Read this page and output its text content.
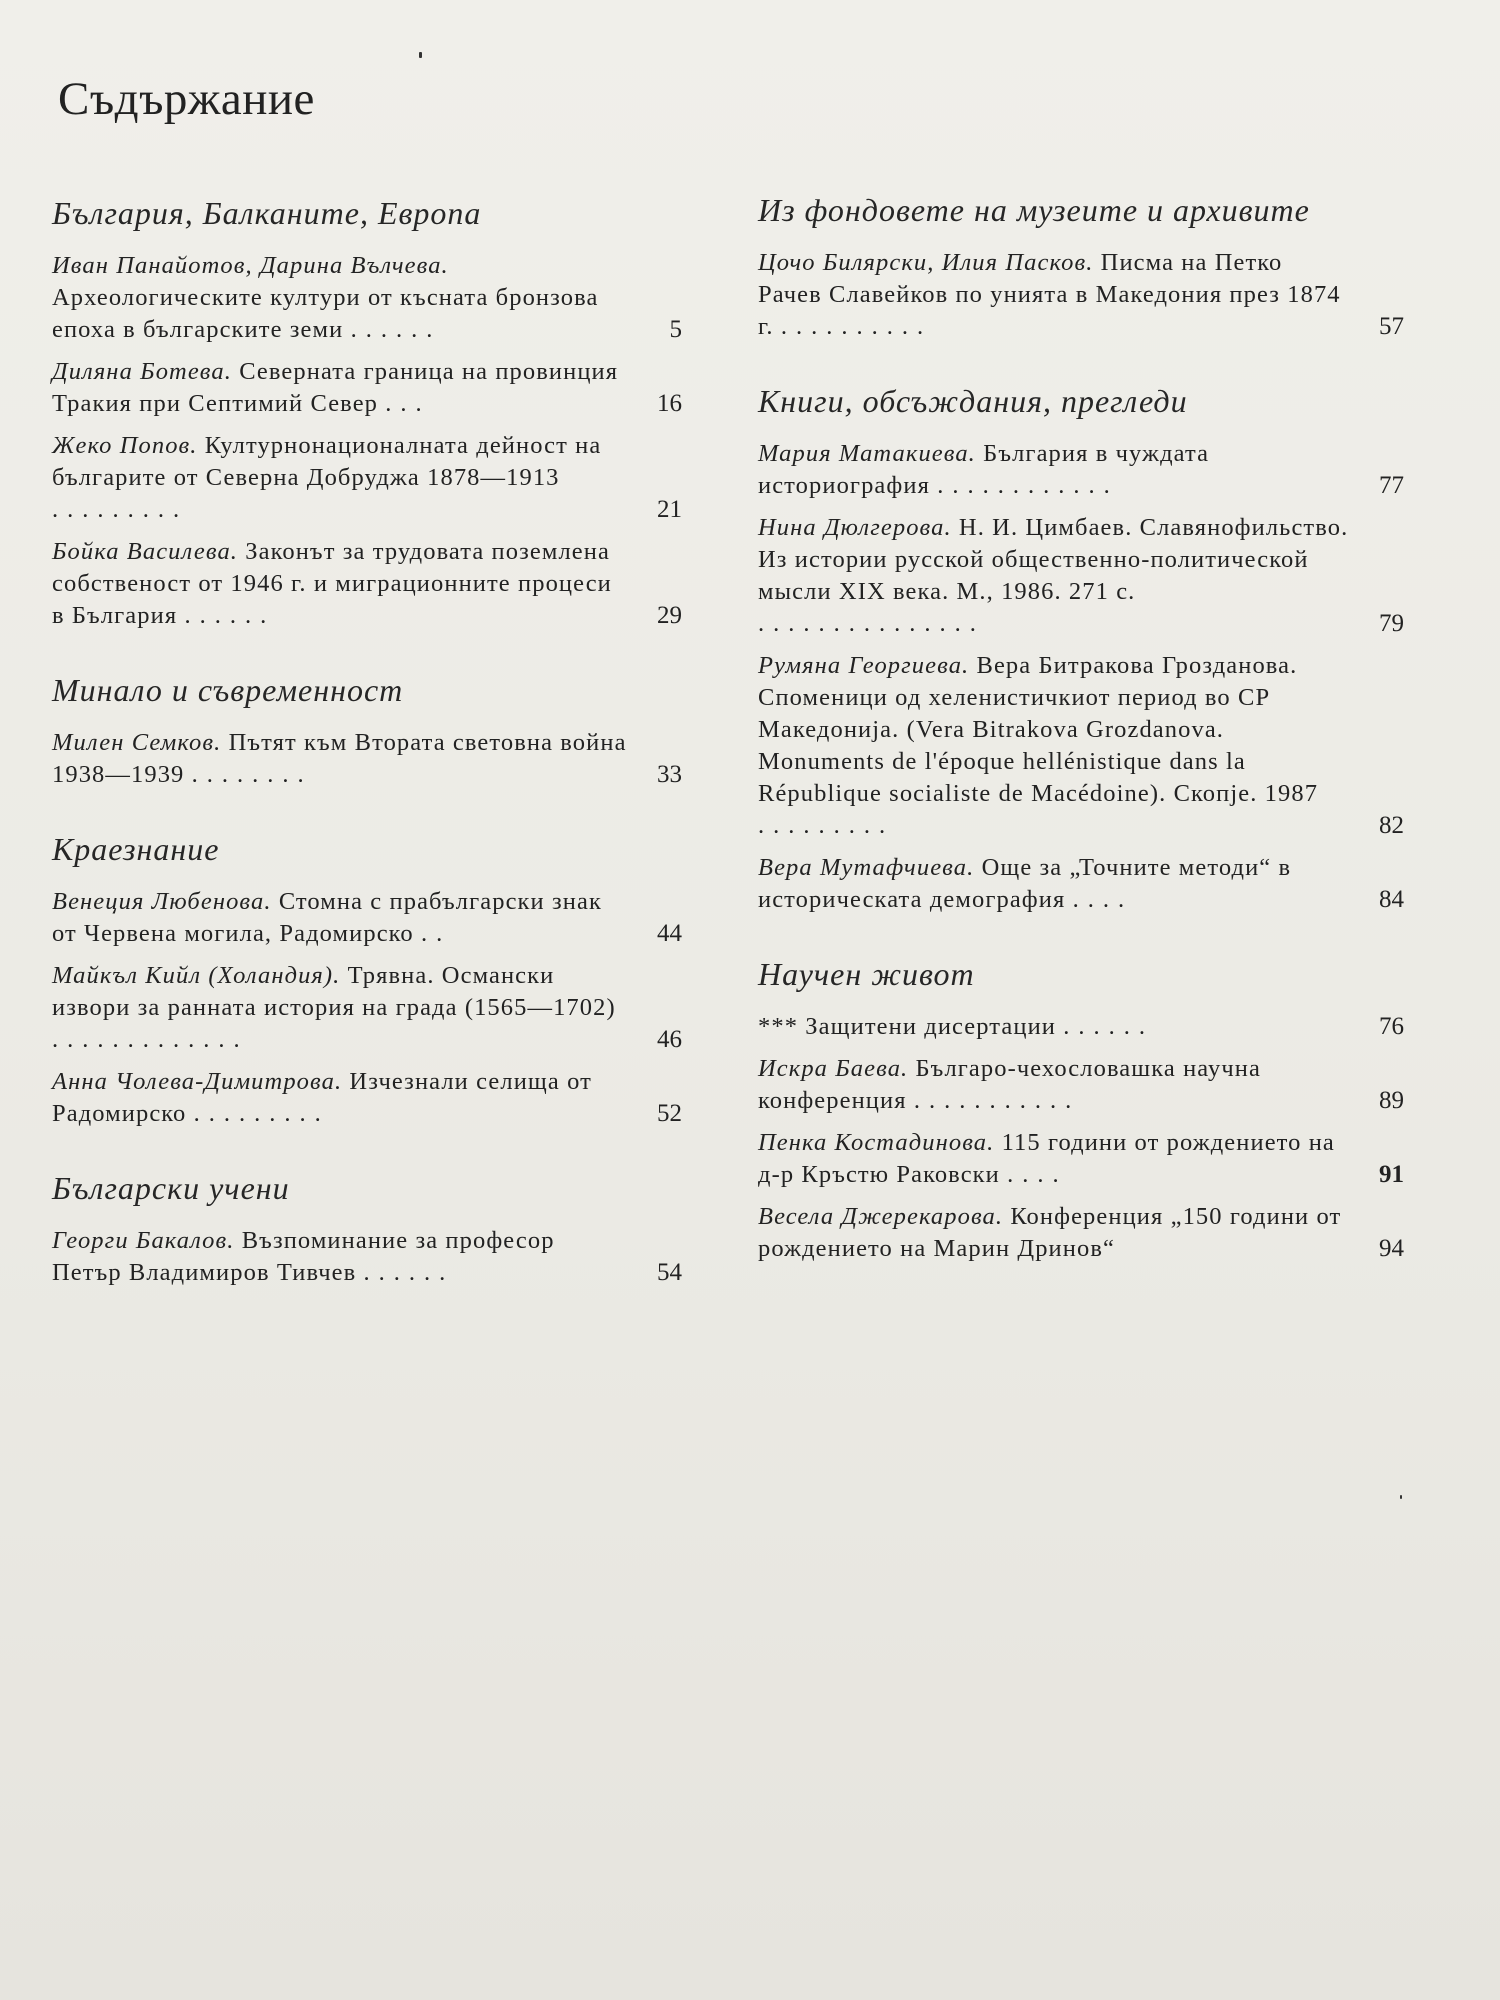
Съдържание
България, Балканите, Европа
Иван Панайотов, Дарина Вълчева. Археологическите култури от късната бронзова епоха в българските земи ......	5
Диляна Ботева. Северната граница на провинция Тракия при Септимий Север ...	16
Жеко Попов. Културнонационалната дейност на българите от Северна Добруджа 1878—1913 .........	21
Бойка Василева. Законът за трудовата поземлена собственост от 1946 г. и миграционните процеси в България ......	29
Минало и съвременност
Милен Семков. Пътят към Втората световна война 1938—1939 ........	33
Краезнание
Венеция Любенова. Стомна с прабългарски знак от Червена могила, Радомирско ..	44
Майкъл Кийл (Холандия). Трявна. Османски извори за ранната история на града (1565—1702) .............	46
Анна Чолева-Димитрова. Изчезнали селища от Радомирско .........	52
Български учени
Георги Бакалов. Възпоминание за професор Петър Владимиров Тивчев ......	54
Из фондовете на музеите и архивите
Цочо Билярски, Илия Пасков. Писма на Петко Рачев Славейков по унията в Македония през 1874 г. ..........	57
Книги, обсъждания, прегледи
Мария Матакиева. България в чуждата историография ............	77
Нина Дюлгерова. Н. И. Цимбаев. Славянофильство. Из истории русской общественно-политической мысли XIX века. М., 1986. 271 с. ...............	79
Румяна Георгиева. Вера Битракова Грозданова. Споменици од хеленистичкиот период во СР Македонија. (Vera Bitrakova Grozdanova. Monuments de l'époque hellénistique dans la République socialiste de Macédoine). Скопје. 1987 .........	82
Вера Мутафчиева. Още за „Точните методи“ в историческата демография ....	84
Научен живот
*** Защитени дисертации ......	76
Искра Баева. Българо-чехословашка научна конференция ...........	89
Пенка Костадинова. 115 години от рождението на д-р Кръстю Раковски ....	91
Весела Джерекарова. Конференция „150 години от рождението на Марин Дринов“	94
